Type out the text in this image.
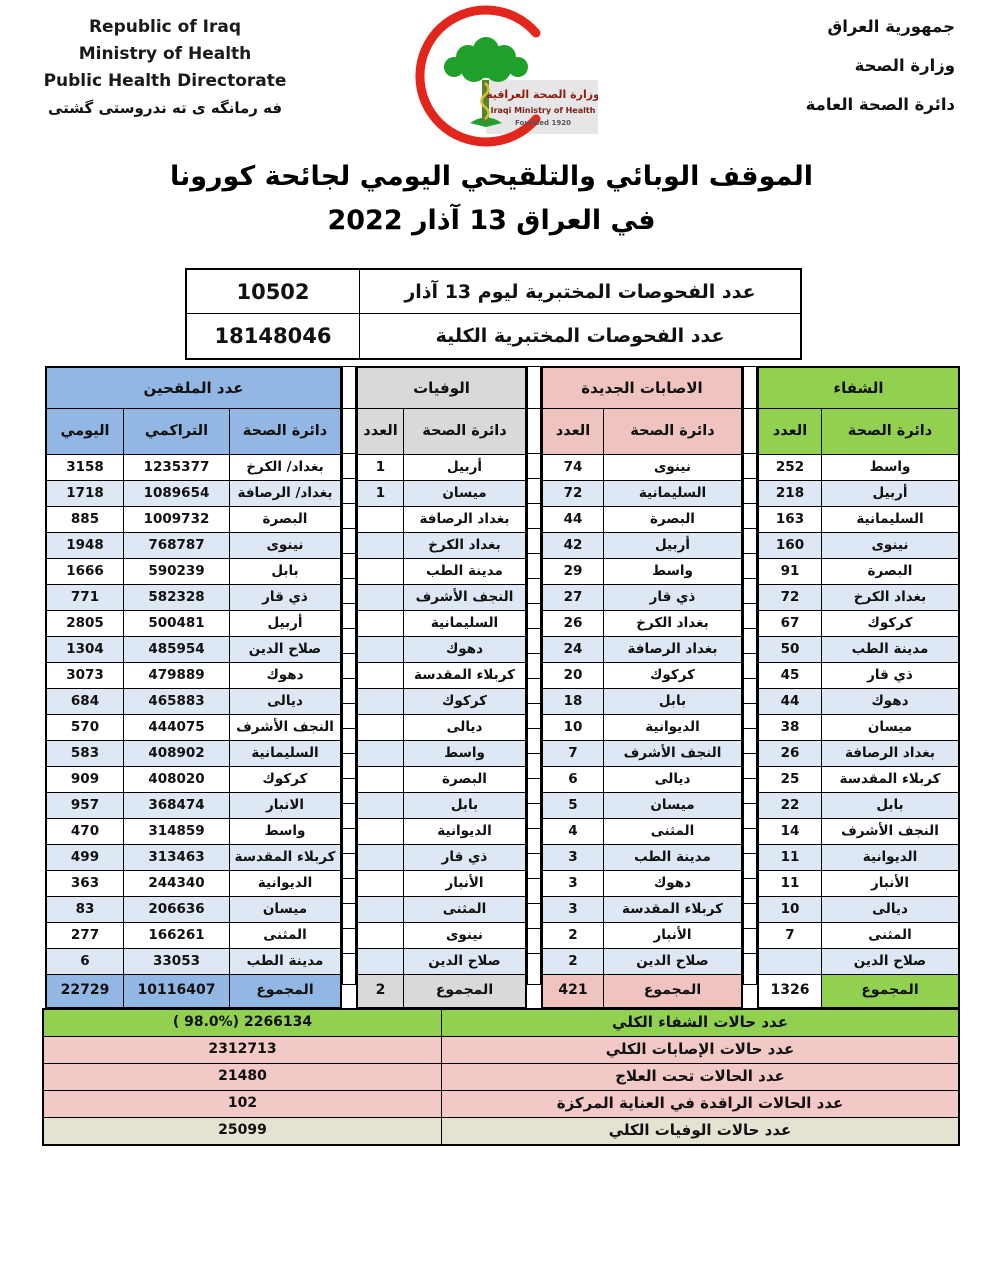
Republic of Iraq
Ministry of Health
Public Health Directorate
فه رمانگه ى ته ندروستى گشتى
وزارة الصحة العراقية
Iraqi Ministry of Health
Founded 1920
جمهورية العراق
وزارة الصحة
دائرة الصحة العامة
الموقف الوبائي والتلقيحي اليومي لجائحة كورونا
في العراق 13 آذار 2022
10502	عدد الفحوصات المختبرية ليوم 13 آذار
18148046	عدد الفحوصات المختبرية الكلية
عدد الملقحين
اليومي	التراكمي	دائرة الصحة
3158	1235377	بغداد/ الكرخ
1718	1089654	بغداد/ الرصافة
885	1009732	البصرة
1948	768787	نينوى
1666	590239	بابل
771	582328	ذي قار
2805	500481	أربيل
1304	485954	صلاح الدين
3073	479889	دهوك
684	465883	ديالى
570	444075	النجف الأشرف
583	408902	السليمانية
909	408020	كركوك
957	368474	الانبار
470	314859	واسط
499	313463	كربلاء المقدسة
363	244340	الديوانية
83	206636	ميسان
277	166261	المثنى
6	33053	مدينة الطب
22729	10116407	المجموع
الوفيات
العدد	دائرة الصحة
1	أربيل
1	ميسان
بغداد الرصافة
بغداد الكرخ
مدينة الطب
النجف الأشرف
السليمانية
دهوك
كربلاء المقدسة
كركوك
ديالى
واسط
البصرة
بابل
الديوانية
ذي قار
الأنبار
المثنى
نينوى
صلاح الدين
2	المجموع
الاصابات الجديدة
العدد	دائرة الصحة
74	نينوى
72	السليمانية
44	البصرة
42	أربيل
29	واسط
27	ذي قار
26	بغداد الكرخ
24	بغداد الرصافة
20	كركوك
18	بابل
10	الديوانية
7	النجف الأشرف
6	ديالى
5	ميسان
4	المثنى
3	مدينة الطب
3	دهوك
3	كربلاء المقدسة
2	الأنبار
2	صلاح الدين
421	المجموع
الشفاء
العدد	دائرة الصحة
252	واسط
218	أربيل
163	السليمانية
160	نينوى
91	البصرة
72	بغداد الكرخ
67	كركوك
50	مدينة الطب
45	ذي قار
44	دهوك
38	ميسان
26	بغداد الرصافة
25	كربلاء المقدسة
22	بابل
14	النجف الأشرف
11	الديوانية
11	الأنبار
10	ديالى
7	المثنى
صلاح الدين
1326	المجموع
( 98.0%) 2266134	عدد حالات الشفاء الكلي
2312713	عدد حالات الإصابات الكلي
21480	عدد الحالات تحت العلاج
102	عدد الحالات الراقدة في العناية المركزة
25099	عدد حالات الوفيات الكلي
